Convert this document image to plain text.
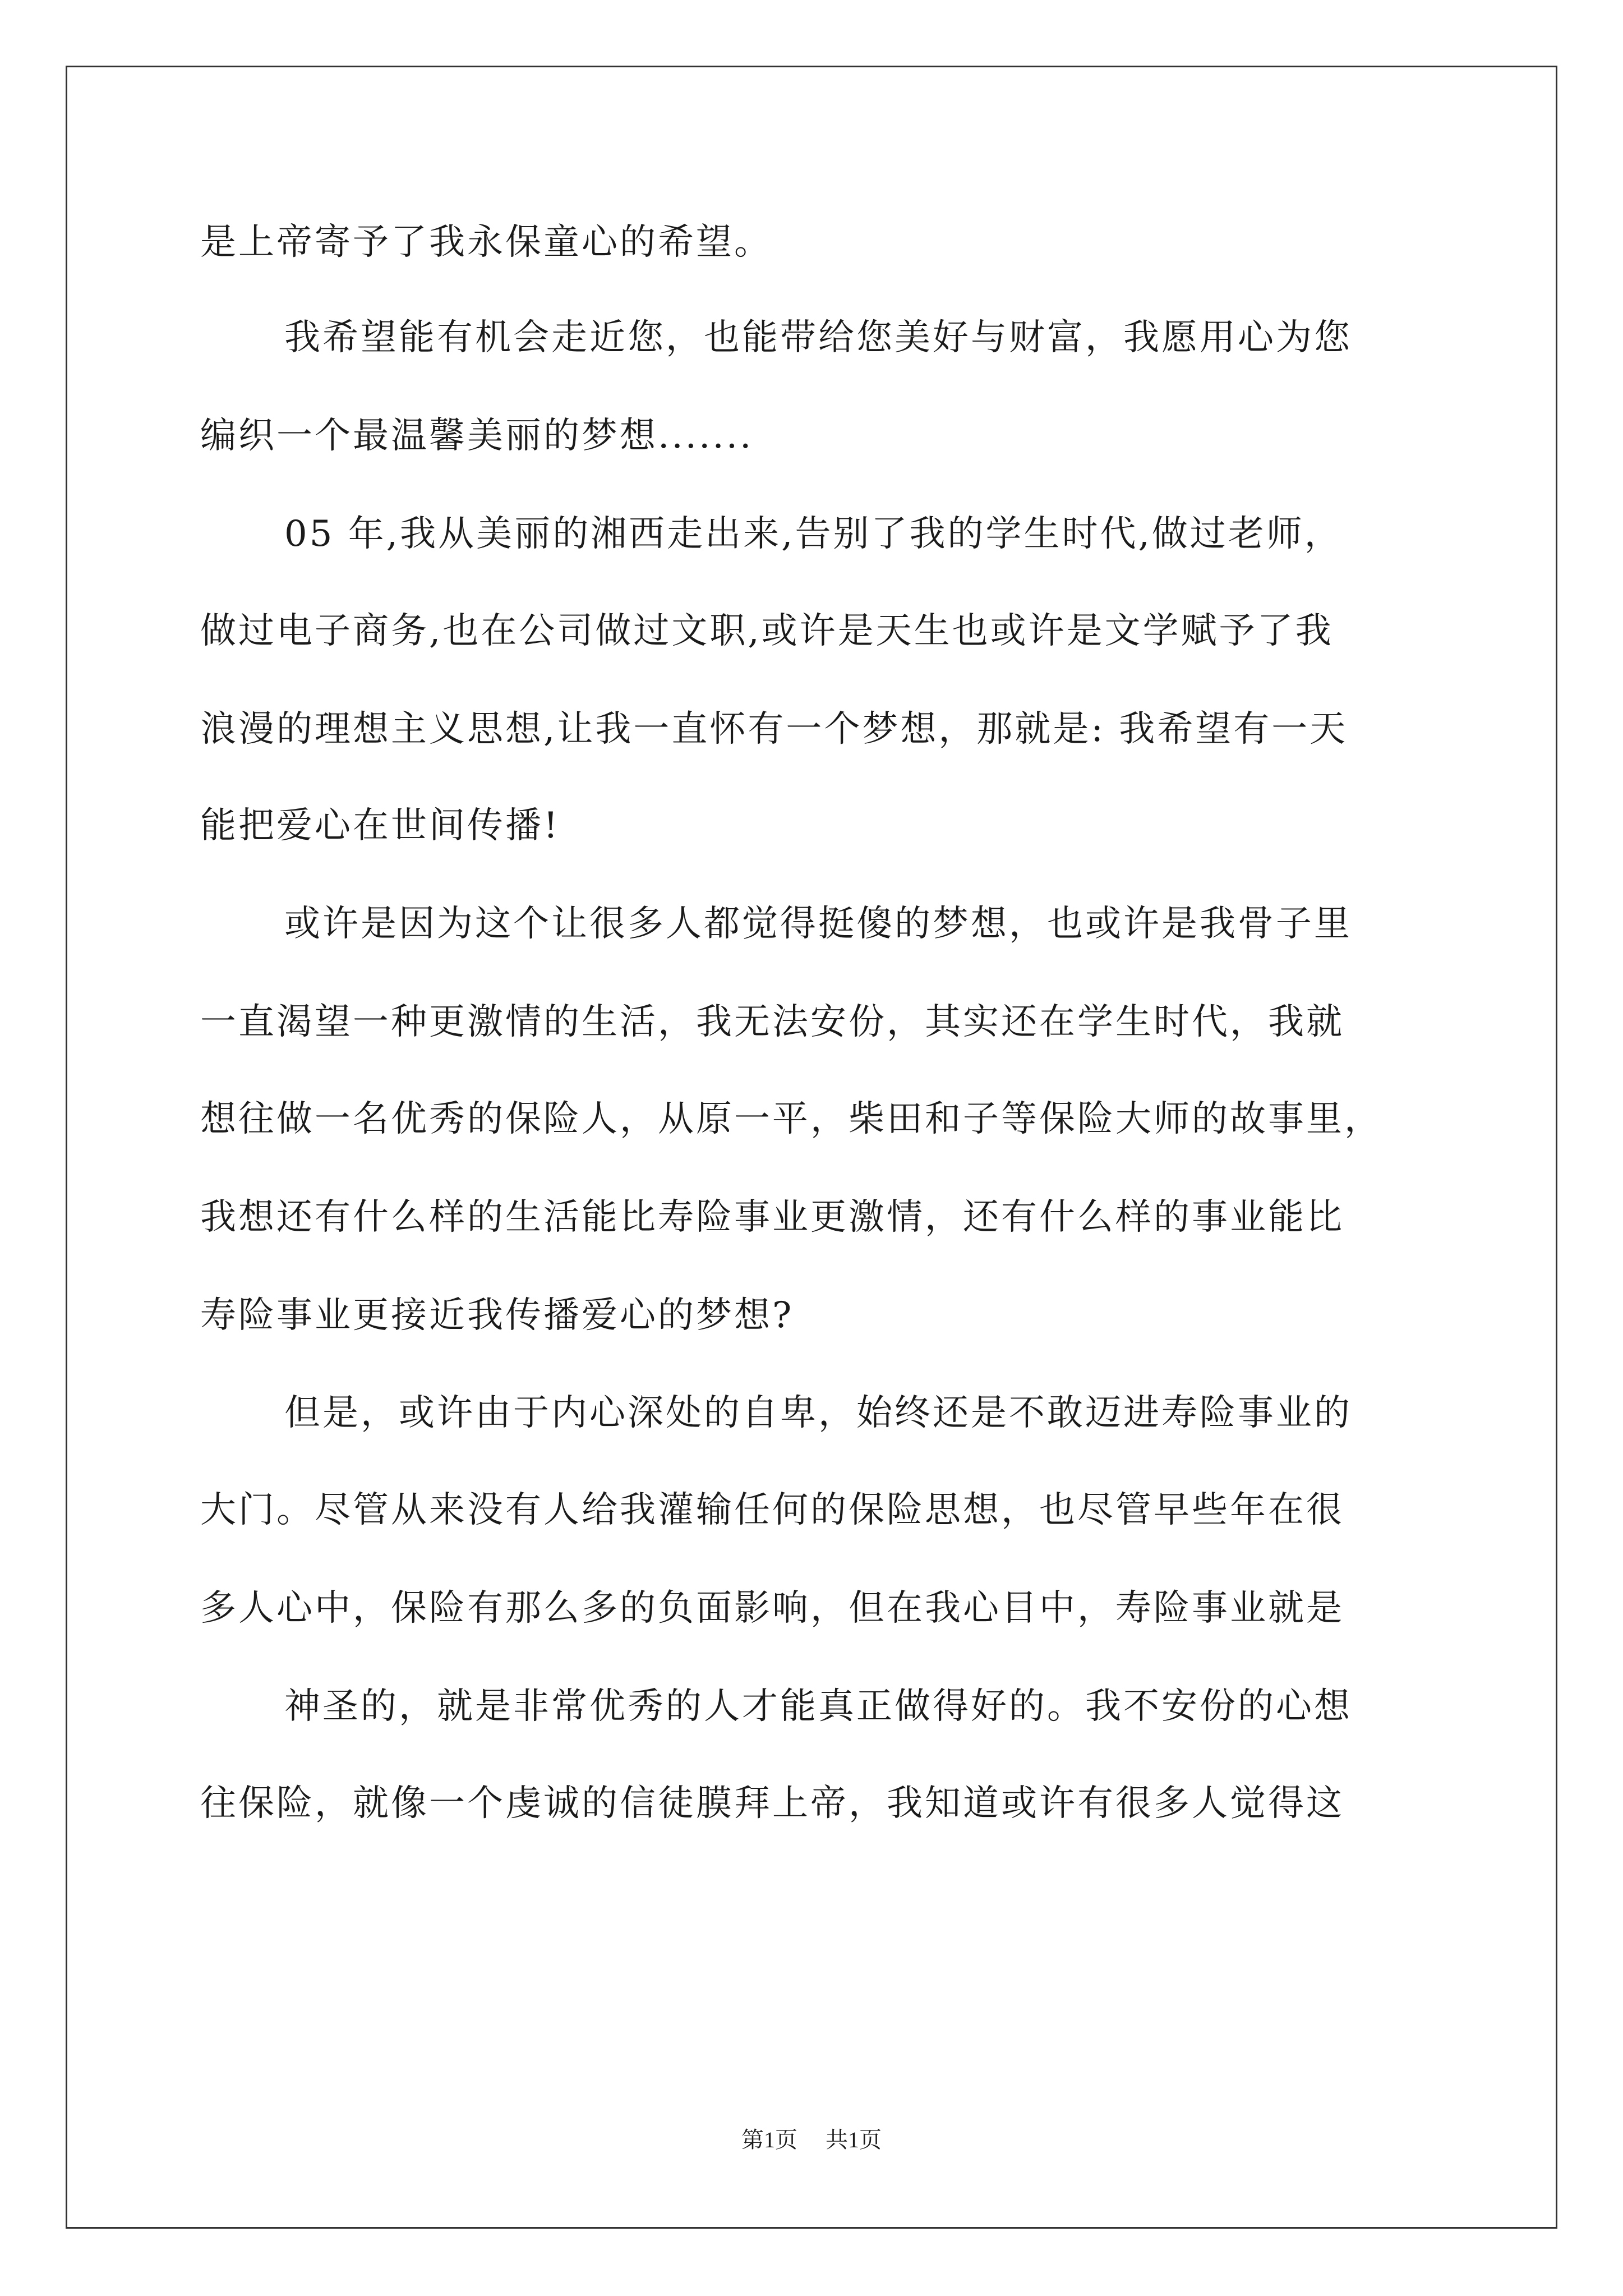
是上帝寄予了我永保童心的希望。
我希望能有机会走近您，也能带给您美好与财富，我愿用心为您
编织一个最温馨美丽的梦想.......
05 年,我从美丽的湘西走出来,告别了我的学生时代,做过老师，
做过电子商务,也在公司做过文职,或许是天生也或许是文学赋予了我
浪漫的理想主义思想,让我一直怀有一个梦想，那就是: 我希望有一天
能把爱心在世间传播!
或许是因为这个让很多人都觉得挺傻的梦想，也或许是我骨子里
一直渴望一种更激情的生活，我无法安份，其实还在学生时代，我就
想往做一名优秀的保险人，从原一平，柴田和子等保险大师的故事里，
我想还有什么样的生活能比寿险事业更激情，还有什么样的事业能比
寿险事业更接近我传播爱心的梦想?
但是，或许由于内心深处的自卑，始终还是不敢迈进寿险事业的
大门。尽管从来没有人给我灌输任何的保险思想，也尽管早些年在很
多人心中，保险有那么多的负面影响，但在我心目中，寿险事业就是
神圣的，就是非常优秀的人才能真正做得好的。我不安份的心想
往保险，就像一个虔诚的信徒膜拜上帝，我知道或许有很多人觉得这
第1页 共1页
